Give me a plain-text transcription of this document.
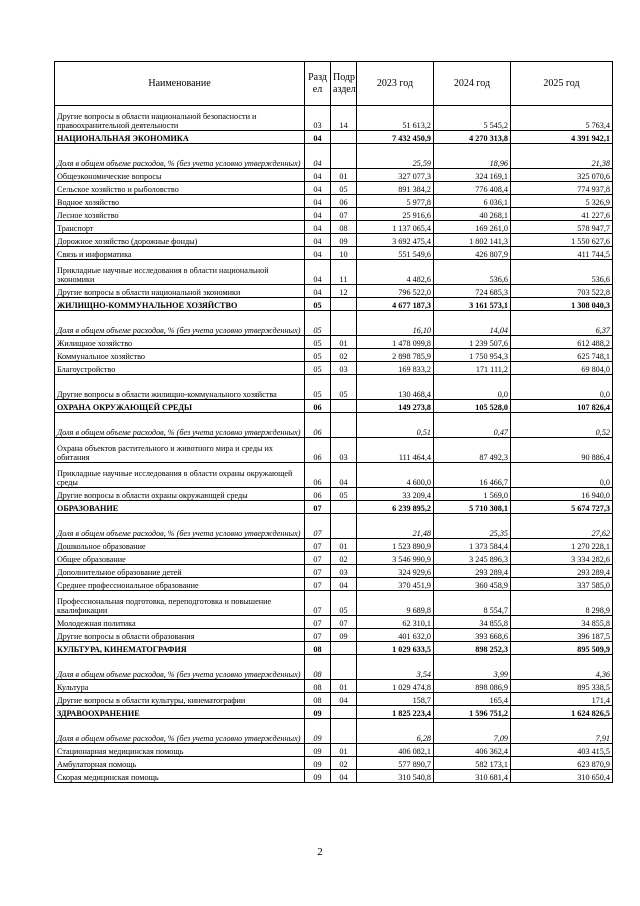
Наименование	Разд ел	Подр аздел	2023 год	2024 год	2025 год
Другие вопросы в области национальной безопасности и правоохранительной деятельности	03	14	51 613,2	5 545,2	5 763,4
НАЦИОНАЛЬНАЯ ЭКОНОМИКА	04		7 432 450,9	4 270 313,8	4 391 942,1
Доля в общем объеме расходов, % (без учета условно утвержденных)	04		25,59	18,96	21,38
Общеэкономические вопросы	04	01	327 077,3	324 169,1	325 070,6
Сельское хозяйство и рыболовство	04	05	891 384,2	776 408,4	774 937,8
Водное хозяйство	04	06	5 977,8	6 036,1	5 326,9
Лесное хозяйство	04	07	25 916,6	40 268,1	41 227,6
Транспорт	04	08	1 137 065,4	169 261,0	578 947,7
Дорожное хозяйство (дорожные фонды)	04	09	3 692 475,4	1 802 141,3	1 550 627,6
Связь и информатика	04	10	551 549,6	426 807,9	411 744,5
Прикладные научные исследования в области национальной экономики	04	11	4 482,6	536,6	536,6
Другие вопросы в области национальной экономики	04	12	796 522,0	724 685,3	703 522,8
ЖИЛИЩНО-КОММУНАЛЬНОЕ ХОЗЯЙСТВО	05		4 677 187,3	3 161 573,1	1 308 040,3
Доля в общем объеме расходов, % (без учета условно утвержденных)	05		16,10	14,04	6,37
Жилищное хозяйство	05	01	1 478 099,8	1 239 507,6	612 488,2
Коммунальное хозяйство	05	02	2 898 785,9	1 750 954,3	625 748,1
Благоустройство	05	03	169 833,2	171 111,2	69 804,0
Другие вопросы в области жилищно-коммунального хозяйства	05	05	130 468,4	0,0	0,0
ОХРАНА ОКРУЖАЮЩЕЙ СРЕДЫ	06		149 273,8	105 528,0	107 826,4
Доля в общем объеме расходов, % (без учета условно утвержденных)	06		0,51	0,47	0,52
Охрана объектов растительного и животного мира и среды их обитания	06	03	111 464,4	87 492,3	90 886,4
Прикладные научные исследования в области охраны окружающей среды	06	04	4 600,0	16 466,7	0,0
Другие вопросы в области охраны окружающей среды	06	05	33 209,4	1 569,0	16 940,0
ОБРАЗОВАНИЕ	07		6 239 895,2	5 710 308,1	5 674 727,3
Доля в общем объеме расходов, % (без учета условно утвержденных)	07		21,48	25,35	27,62
Дошкольное образование	07	01	1 523 890,9	1 373 584,4	1 270 228,1
Общее образование	07	02	3 546 990,9	3 245 896,3	3 334 282,6
Дополнительное образование детей	07	03	324 929,6	293 289,4	293 289,4
Среднее профессиональное образование	07	04	370 451,9	360 458,9	337 585,0
Профессиональная подготовка, переподготовка и повышение квалификации	07	05	9 689,8	8 554,7	8 298,9
Молодежная политика	07	07	62 310,1	34 855,8	34 855,8
Другие вопросы в области образования	07	09	401 632,0	393 668,6	396 187,5
КУЛЬТУРА, КИНЕМАТОГРАФИЯ	08		1 029 633,5	898 252,3	895 509,9
Доля в общем объеме расходов, % (без учета условно утвержденных)	08		3,54	3,99	4,36
Культура	08	01	1 029 474,8	898 086,9	895 338,5
Другие вопросы в области культуры, кинематографии	08	04	158,7	165,4	171,4
ЗДРАВООХРАНЕНИЕ	09		1 825 223,4	1 596 751,2	1 624 826,5
Доля в общем объеме расходов, % (без учета условно утвержденных)	09		6,28	7,09	7,91
Стационарная медицинская помощь	09	01	406 082,1	406 362,4	403 415,5
Амбулаторная помощь	09	02	577 890,7	582 173,1	623 870,9
Скорая медицинская помощь	09	04	310 540,8	310 681,4	310 650,4
2
